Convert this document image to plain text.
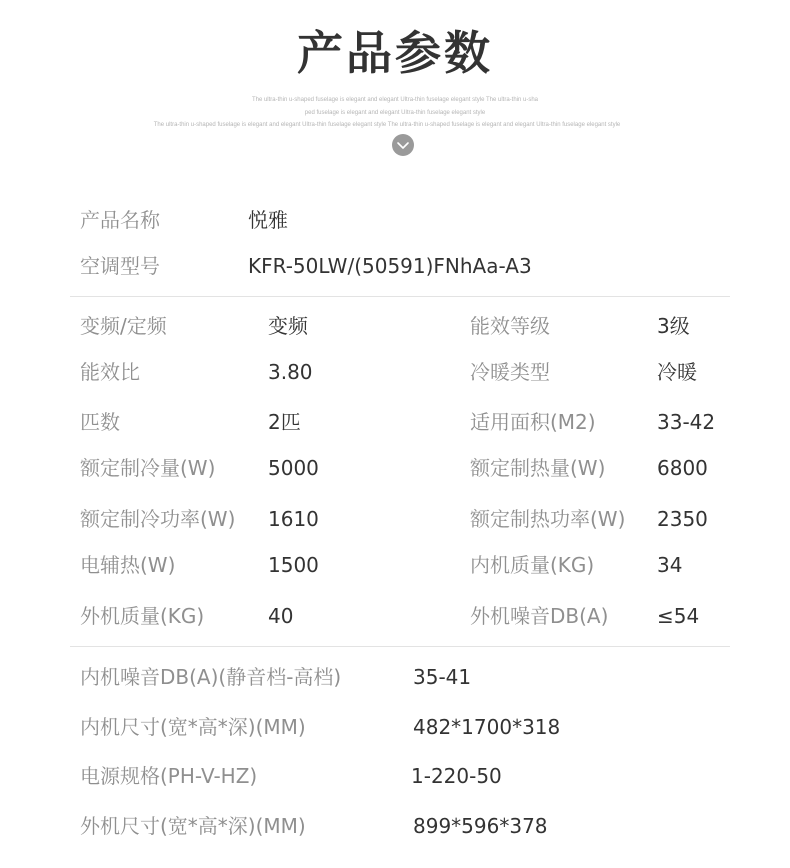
产品参数
The ultra-thin u-shaped fuselage is elegant and elegant Ultra-thin fuselage elegant style The ultra-thin u-sha
ped fuselage is elegant and elegant Ultra-thin fuselage elegant style
The ultra-thin u-shaped fuselage is elegant and elegant Ultra-thin fuselage elegant style The ultra-thin u-shaped fuselage is elegant and elegant Ultra-thin fuselage elegant style
产品名称	悦雅
空调型号	KFR-50LW/(50591)FNhAa-A3
变频/定频	变频	能效等级	3级
能效比	3.80	冷暖类型	冷暖
匹数	2匹	适用面积(M2)	33-42
额定制冷量(W)	5000	额定制热量(W)	6800
额定制冷功率(W) 1610	额定制热功率(W) 2350
电辅热(W)	1500	内机质量(KG)	34
外机质量(KG)	40	外机噪音DB(A) ≤54
内机噪音DB(A)(静音档-高档)	35-41
内机尺寸(宽*高*深)(MM)	482*1700*318
电源规格(PH-V-HZ)	1-220-50
外机尺寸(宽*高*深)(MM)	899*596*378
